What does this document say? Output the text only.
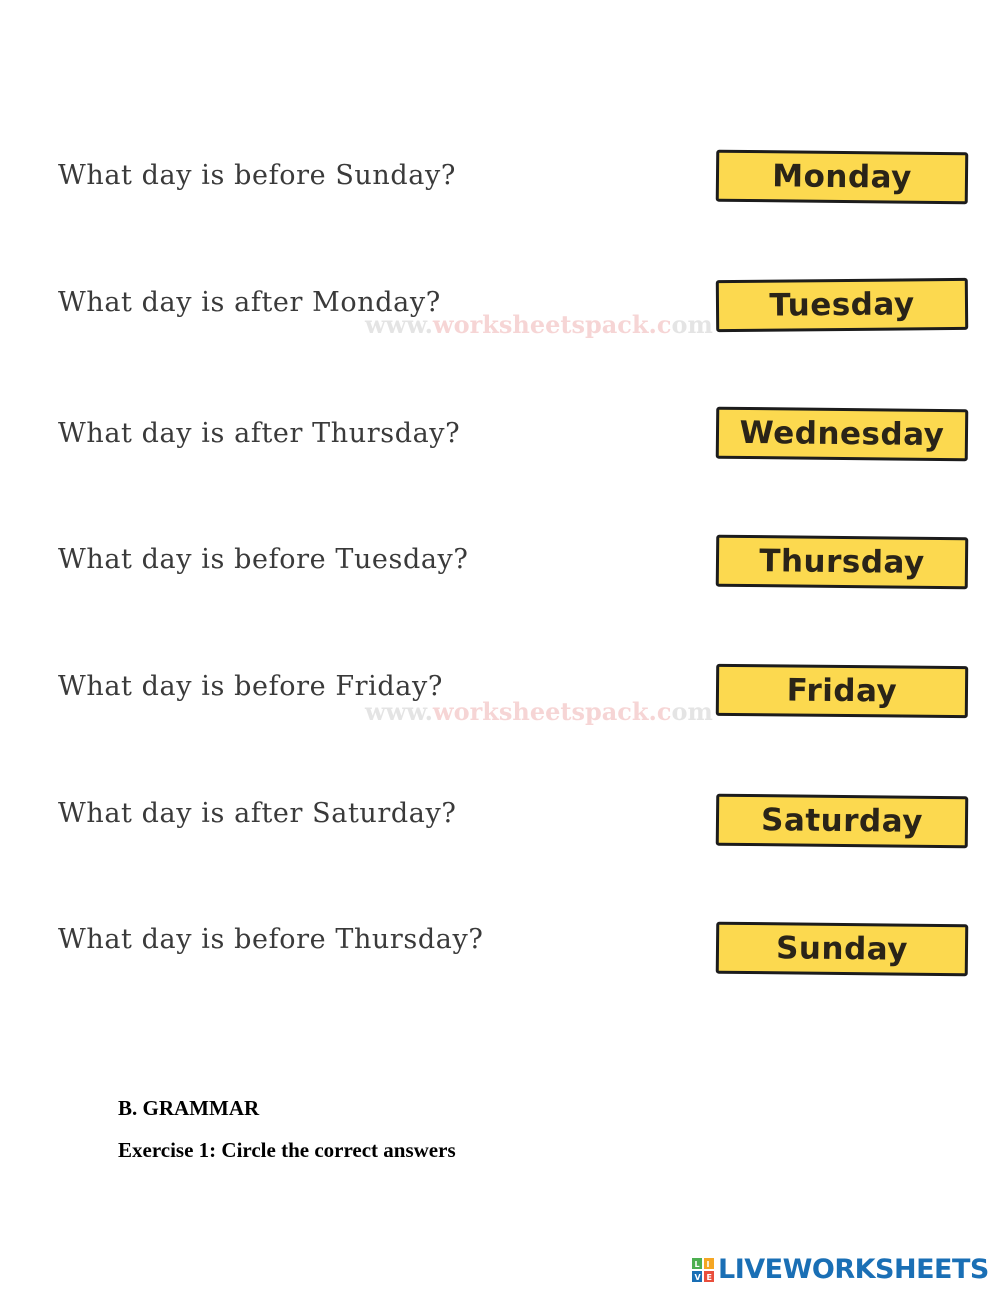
What day is before Sunday?	Monday
What day is after Monday?	Tuesday
What day is after Thursday?	Wednesday
What day is before Tuesday?	Thursday
What day is before Friday?	Friday
What day is after Saturday?	Saturday
What day is before Thursday?	Sunday
www.worksheetspack.com
www.worksheetspack.com
B. GRAMMAR
Exercise 1: Circle the correct answers
L I
V E LIVEWORKSHEETS
